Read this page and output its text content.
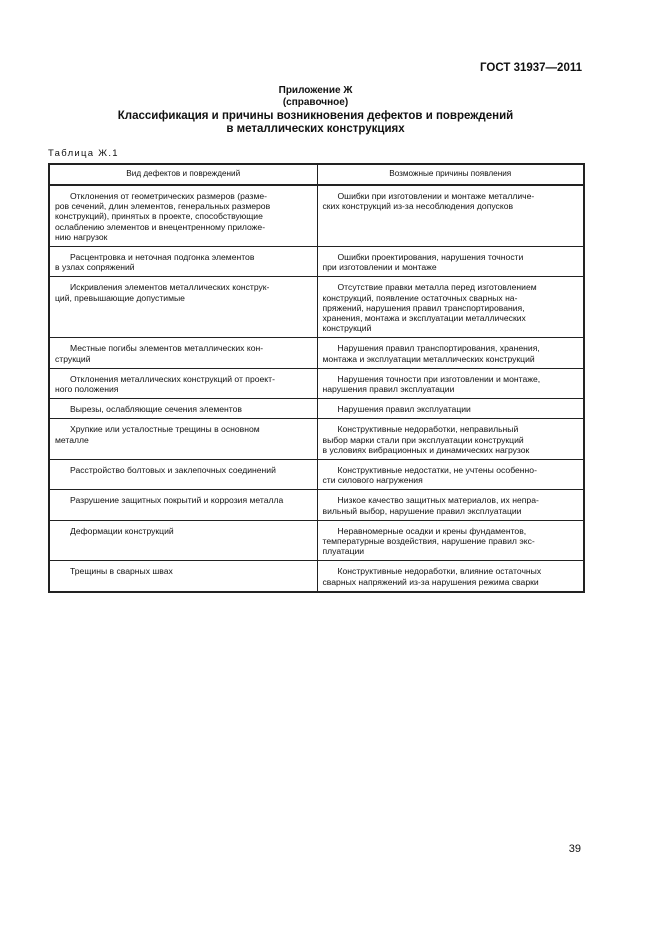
ГОСТ 31937—2011
Приложение Ж
(справочное)
Классификация и причины возникновения дефектов и повреждений
в металлических конструкциях
Таблица Ж.1
Вид дефектов и повреждений	Возможные причины появления

Отклонения от геометрических размеров (разме-
ров сечений, длин элементов, генеральных размеров
конструкций), принятых в проекте, способствующие
ослаблению элементов и внецентренному приложе-
нию нагрузок	Ошибки при изготовлении и монтаже металличе-
ских конструкций из-за несоблюдения допусков

Расцентровка и неточная подгонка элементов
в узлах сопряжений	Ошибки проектирования, нарушения точности
при изготовлении и монтаже

Искривления элементов металлических конструк-
ций, превышающие допустимые	Отсутствие правки металла перед изготовлением
конструкций, появление остаточных сварных на-
пряжений, нарушения правил транспортирования,
хранения, монтажа и эксплуатации металлических
конструкций

Местные погибы элементов металлических кон-
струкций	Нарушения правил транспортирования, хранения,
монтажа и эксплуатации металлических конструкций

Отклонения металлических конструкций от проект-
ного положения	Нарушения точности при изготовлении и монтаже,
нарушения правил эксплуатации

Вырезы, ослабляющие сечения элементов	Нарушения правил эксплуатации

Хрупкие или усталостные трещины в основном
металле	Конструктивные недоработки, неправильный
выбор марки стали при эксплуатации конструкций
в условиях вибрационных и динамических нагрузок

Расстройство болтовых и заклепочных соединений	Конструктивные недостатки, не учтены особенно-
сти силового нагружения

Разрушение защитных покрытий и коррозия металла	Низкое качество защитных материалов, их непра-
вильный выбор, нарушение правил эксплуатации

Деформации конструкций	Неравномерные осадки и крены фундаментов,
температурные воздействия, нарушение правил экс-
плуатации

Трещины в сварных швах	Конструктивные недоработки, влияние остаточных
сварных напряжений из-за нарушения режима сварки
39
